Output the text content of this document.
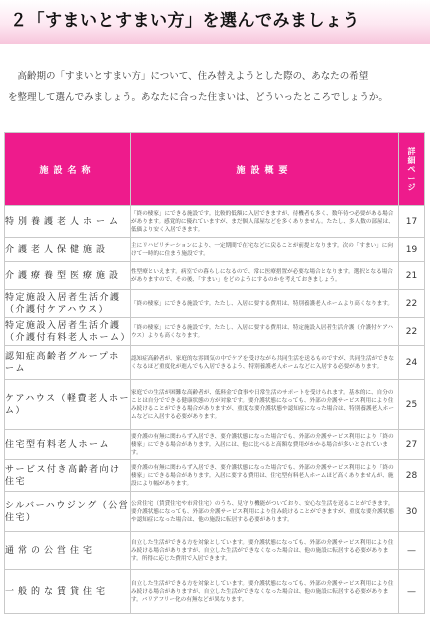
２「すまいとすまい方」を選んでみましょう

高齢期の「すまいとすまい方」について、住み替えようとした際の、あなたの希望

を整理して選んでみましょう。あなたに合った住まいは、どういったところでしょうか。
施設名称	施設概要	詳細ページ
特別養護老人ホーム	「終の棲家」にできる施設です。比較的低額に入居できますが、待機者も多く、数年待つ必要がある場合があります。感覚的に優れていますが、まだ個人部屋などを多くありません。たたし、多人数の部屋は、低価より安く入居できます。	17
介護老人保健施設	主にリハビリテーションにより、一定期間で在宅などに戻ることが前提となります。次の「すまい」に向けて一時的に住まう施設です。	19
介護療養型医療施設	性型療といえます。病室での暮らしになるので、常に医療措置が必要な場合となります。選択となる場合がありますので、その後、「すまい」をどのようにするのかを考えておきましょう。	21
特定施設入居者生活介護（介護付ケアハウス）	「終の棲家」にできる施設です。たたし、入居に要する費用は、特別養護老人ホームより高くなります。	22
特定施設入居者生活介護（介護付有料老人ホーム）	「終の棲家」にできる施設です。たたし、入居に要する費用は、特定施設入居者生活介護（介護付ケアハウス）よりも高くなります。	22
認知症高齢者グループホーム	認知症高齢者が、家庭的な雰囲気の中でケアを受けながら共同生活を送るものですが、共同生活ができなくなるほど重度化が進んでも入居できるよう、特別養護老人ホームなどに入居する必要があります。	24
ケアハウス（軽費老人ホーム）	家庭での生活が困難な高齢者が、低料金で食事や日常生活のサポートを受けられます。基本的に、自分のことは自分でできる健康状態の方が対象です。要介護状態になっても、外部の介護サービス利用により住み続けることができる場合がありますが、重度な要介護状態や認知症になった場合は、特別養護老人ホームなどに入居する必要があります。	25
住宅型有料老人ホーム	要介護の有無に関わらず入居でき、要介護状態になった場合でも、外部の介護サービス利用により「終の棲家」にできる場合があります。入居には、他に比べると高額な費用がかかる場合が多いとされています。	27
サービス付き高齢者向け住宅	要介護の有無に関わらず入居でき、要介護状態になった場合でも、外部の介護サービス利用により「終の棲家」にできる場合があります。入居に要する費用は、住宅型有料老人ホームほど高くありませんが、施設により幅があります。	28
シルバーハウジング（公営住宅）	公営住宅（賃貸住宅や市営住宅）のうち、見守り機能がついており、安心な生活を送ることができます。要介護状態になっても、外部の介護サービス利用により住み続けることができますが、重度な要介護状態や認知症になった場合は、他の施設に転居する必要があります。	30
通常の公営住宅	自立した生活ができる方を対象としています。要介護状態になっても、外部の介護サービス利用により住み続ける場合がありますが、自立した生活ができなくなった場合は、他の施設に転居する必要があります。所得に応じた費用で入居できます。	—
一般的な賃貸住宅	自立した生活ができる方を対象としています。要介護状態になっても、外部の介護サービス利用により住み続ける場合がありますが、自立した生活ができなくなった場合は、他の施設に転居する必要があります。バリアフリー化の有無などが異なります。	—
